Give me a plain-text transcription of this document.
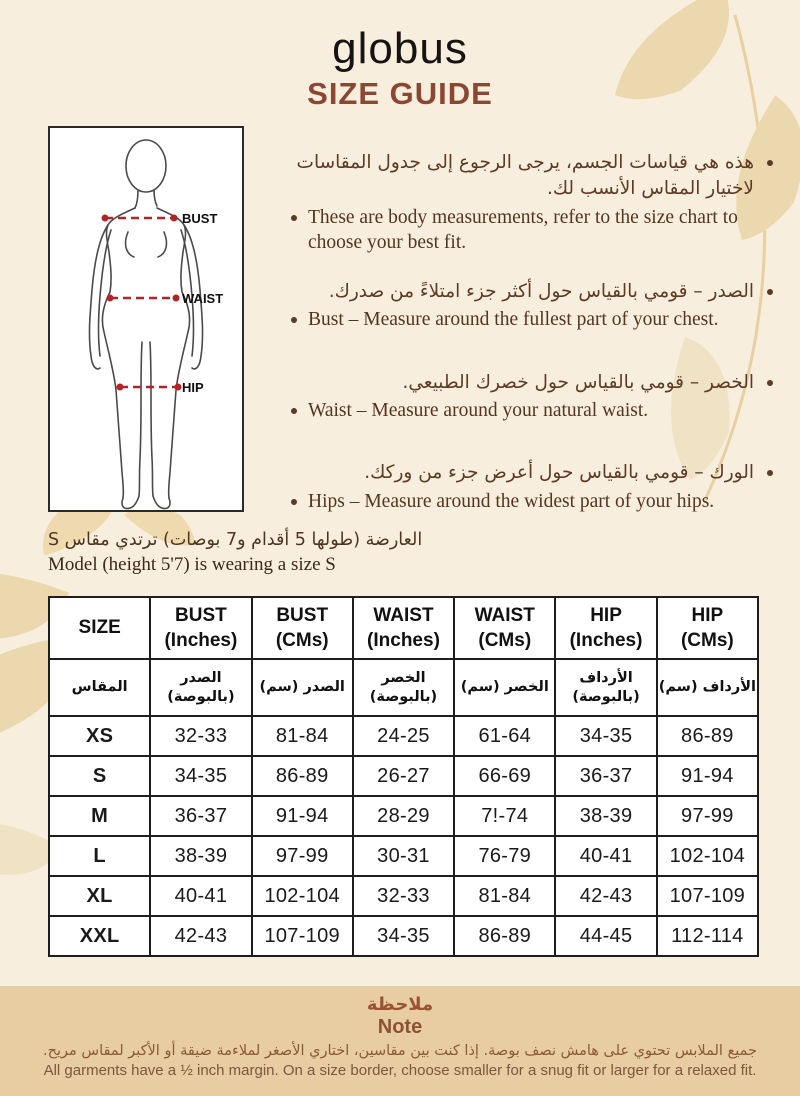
globus
SIZE GUIDE
BUST
WAIST
HIP
هذه هي قياسات الجسم، يرجى الرجوع إلى جدول المقاسات لاختيار المقاس الأنسب لك.
These are body measurements, refer to the size chart to choose your best fit.
الصدر – قومي بالقياس حول أكثر جزء امتلاءً من صدرك.
Bust – Measure around the fullest part of your chest.
الخصر – قومي بالقياس حول خصرك الطبيعي.
Waist – Measure around your natural waist.
الورك – قومي بالقياس حول أعرض جزء من وركك.
Hips – Measure around the widest part of your hips.
العارضة (طولها 5 أقدام و7 بوصات) ترتدي مقاس S
Model (height 5'7) is wearing a size S
SIZE

BUST
(Inches)

BUST
(CMs)

WAIST
(Inches)

WAIST
(CMs)

HIP
(Inches)

HIP
(CMs)

المقاس

الصدر
(بالبوصة)

الصدر (سم)

الخصر
(بالبوصة)

الخصر (سم)

الأرداف
(بالبوصة)

الأرداف (سم)

XS	32-33	81-84	24-25	61-64	34-35	86-89
S	34-35	86-89	26-27	66-69	36-37	91-94
M	36-37	91-94	28-29	7!-74	38-39	97-99
L	38-39	97-99	30-31	76-79	40-41	102-104
XL	40-41	102-104	32-33	81-84	42-43	107-109
XXL	42-43	107-109	34-35	86-89	44-45	112-114
ملاحظة
Note
جميع الملابس تحتوي على هامش نصف بوصة. إذا كنت بين مقاسين، اختاري الأصغر لملاءمة ضيقة أو الأكبر لمقاس مريح.
All garments have a ½ inch margin. On a size border, choose smaller for a snug fit or larger for a relaxed fit.
